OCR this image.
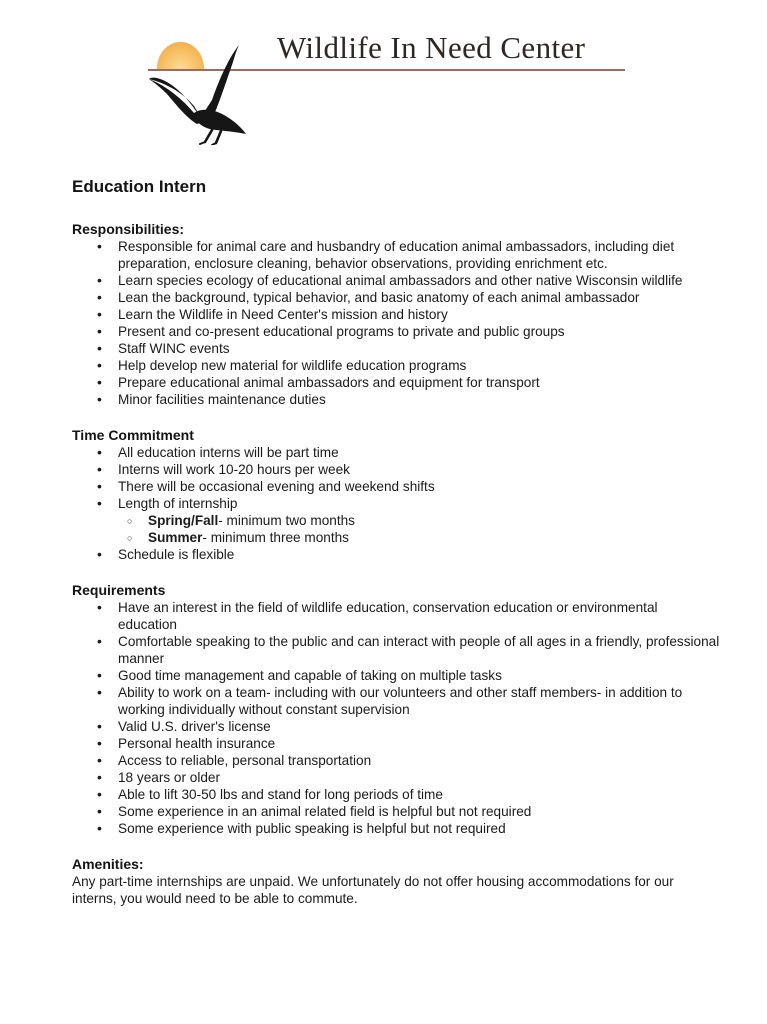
Wildlife In Need Center
Education Intern
Responsibilities:
• Responsible for animal care and husbandry of education animal ambassadors, including diet preparation, enclosure cleaning, behavior observations, providing enrichment etc.
• Learn species ecology of educational animal ambassadors and other native Wisconsin wildlife
• Lean the background, typical behavior, and basic anatomy of each animal ambassador
• Learn the Wildlife in Need Center's mission and history
• Present and co-present educational programs to private and public groups
• Staff WINC events
• Help develop new material for wildlife education programs
• Prepare educational animal ambassadors and equipment for transport
• Minor facilities maintenance duties
Time Commitment
• All education interns will be part time
• Interns will work 10-20 hours per week
• There will be occasional evening and weekend shifts
• Length of internship
○ Spring/Fall- minimum two months
○ Summer- minimum three months
• Schedule is flexible
Requirements
• Have an interest in the field of wildlife education, conservation education or environmental education
• Comfortable speaking to the public and can interact with people of all ages in a friendly, professional manner
• Good time management and capable of taking on multiple tasks
• Ability to work on a team- including with our volunteers and other staff members- in addition to working individually without constant supervision
• Valid U.S. driver's license
• Personal health insurance
• Access to reliable, personal transportation
• 18 years or older
• Able to lift 30-50 lbs and stand for long periods of time
• Some experience in an animal related field is helpful but not required
• Some experience with public speaking is helpful but not required
Amenities:

Any part-time internships are unpaid. We unfortunately do not offer housing accommodations for our interns, you would need to be able to commute.
